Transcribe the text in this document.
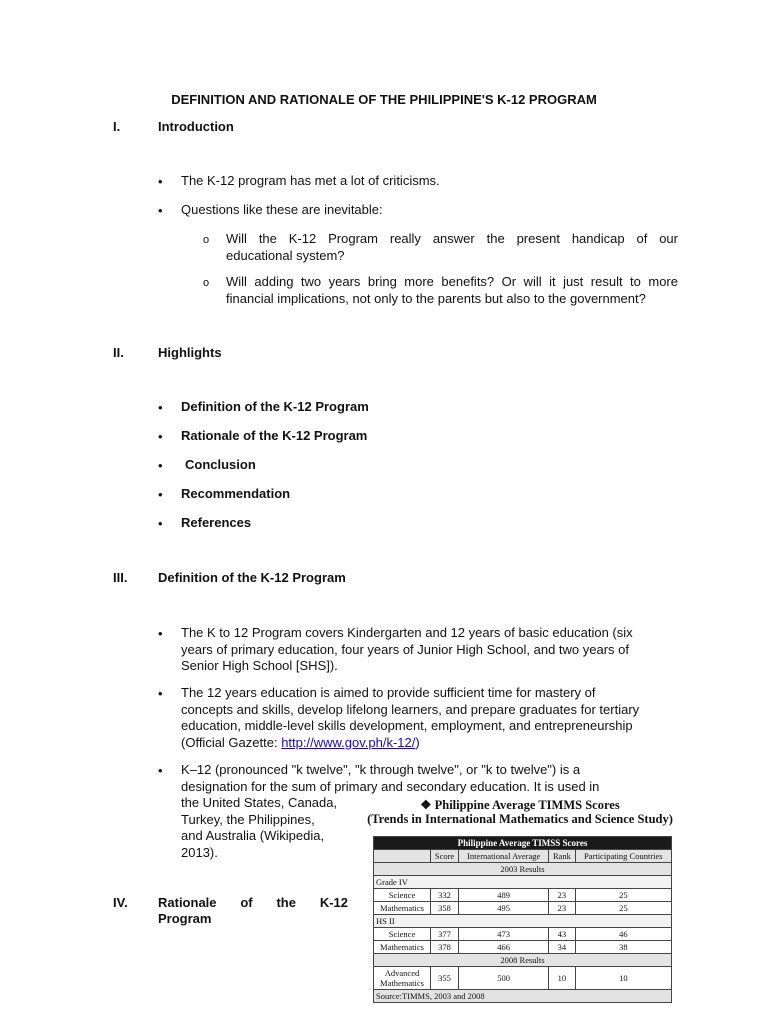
DEFINITION AND RATIONALE OF THE PHILIPPINE'S K-12 PROGRAM
I.	Introduction
• The K-12 program has met a lot of criticisms.
• Questions like these are inevitable:
o Will the K-12 Program really answer the present handicap of our
educational system?
o Will adding two years bring more benefits? Or will it just result to more
financial implications, not only to the parents but also to the government?
II.	Highlights
• Definition of the K-12 Program
• Rationale of the K-12 Program
• Conclusion
• Recommendation
• References
III. Definition of the K-12 Program
• The K to 12 Program covers Kindergarten and 12 years of basic education (six
years of primary education, four years of Junior High School, and two years of
Senior High School [SHS]).
• The 12 years education is aimed to provide sufficient time for mastery of
concepts and skills, develop lifelong learners, and prepare graduates for tertiary
education, middle-level skills development, employment, and entrepreneurship
(Official Gazette: http://www.gov.ph/k-12/)
• K–12 (pronounced "k twelve", "k through twelve", or "k to twelve") is a
designation for the sum of primary and secondary education. It is used in
the United States, Canada,
Turkey, the Philippines,
and Australia (Wikipedia,
2013).
IV. Rationale of the K-12
Program
❖ Philippine Average TIMMS Scores
(Trends in International Mathematics and Science Study)
Philippine Average TIMSS Scores				
	Score	International Average	Rank	Participating Countries
2003 Results				
Grade IV				
Science	332	489	23	25
Mathematics	358	495	23	25
HS II				
Science	377	473	43	46
Mathematics	378	466	34	38
2008 Results				
Advanced Mathematics	355	500	10	10
Source:TIMMS, 2003 and 2008				
